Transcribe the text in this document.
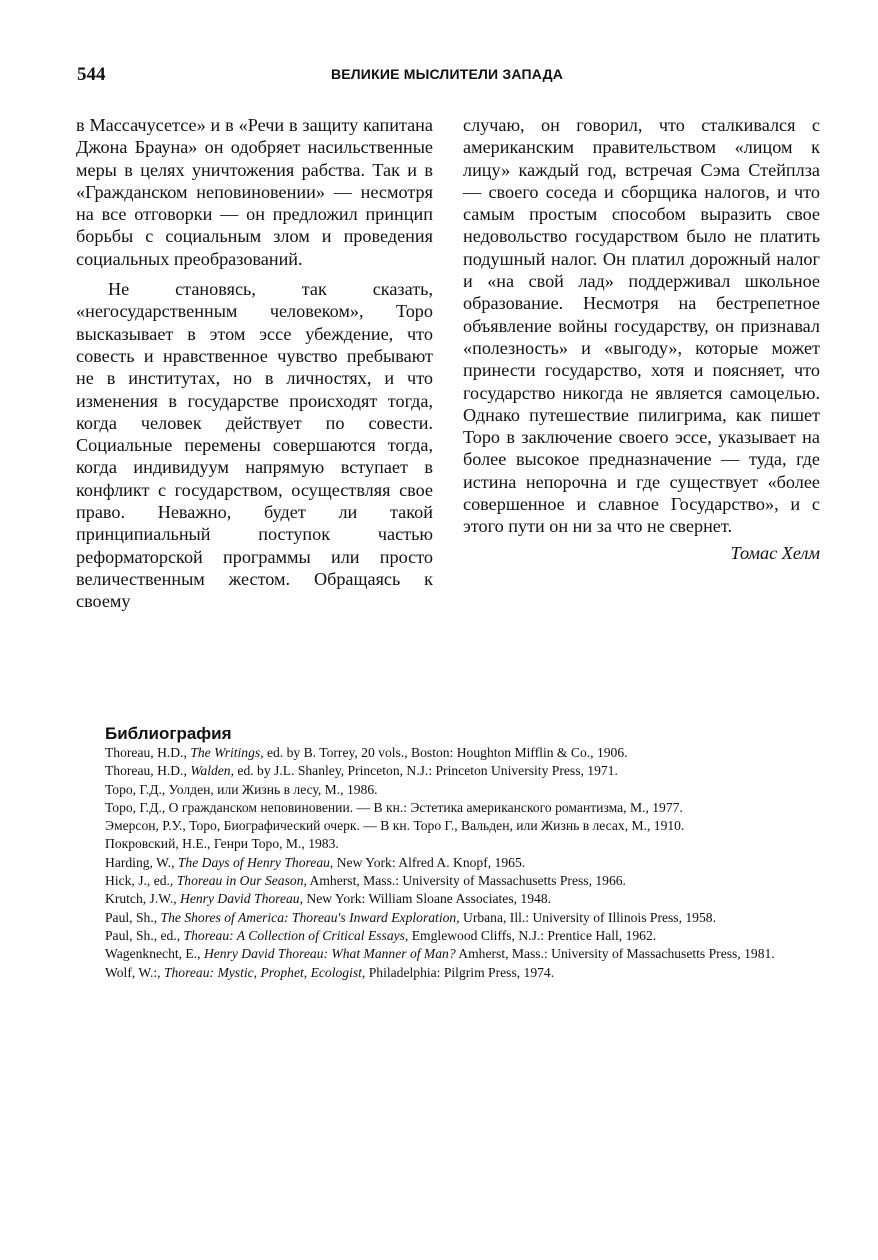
544	ВЕЛИКИЕ МЫСЛИТЕЛИ ЗАПАДА

в Массачусетсе» и в «Речи в защиту капитана Джона Брауна» он одобряет насильственные меры в целях уничтожения рабства. Так и в «Гражданском неповиновении» — несмотря на все отговорки — он предложил принцип борьбы с социальным злом и проведения социальных преобразований.

Не становясь, так сказать, «негосударственным человеком», Торо высказывает в этом эссе убеждение, что совесть и нравственное чувство пребывают не в институтах, но в личностях, и что изменения в государстве происходят тогда, когда человек действует по совести. Социальные перемены совершаются тогда, когда индивидуум напрямую вступает в конфликт с государством, осуществляя свое право. Неважно, будет ли такой принципиальный поступок частью реформаторской программы или просто величественным жестом. Обращаясь к своему

случаю, он говорил, что сталкивался с американским правительством «лицом к лицу» каждый год, встречая Сэма Стейплза — своего соседа и сборщика налогов, и что самым простым способом выразить свое недовольство государством было не платить подушный налог. Он платил дорожный налог и «на свой лад» поддерживал школьное образование. Несмотря на бестрепетное объявление войны государству, он признавал «полезность» и «выгоду», которые может принести государство, хотя и поясняет, что государство никогда не является самоцелью. Однако путешествие пилигрима, как пишет Торо в заключение своего эссе, указывает на более высокое предназначение — туда, где истина непорочна и где существует «более совершенное и славное Государство», и с этого пути он ни за что не свернет.

Томас Хелм

Библиография

Thoreau, H.D., The Writings, ed. by B. Torrey, 20 vols., Boston: Houghton Mifflin & Co., 1906.

Thoreau, H.D., Walden, ed. by J.L. Shanley, Princeton, N.J.: Princeton University Press, 1971.

Торо, Г.Д., Уолден, или Жизнь в лесу, М., 1986.

Торо, Г.Д., О гражданском неповиновении. — В кн.: Эстетика американского романтизма, М., 1977.

Эмерсон, Р.У., Торо, Биографический очерк. — В кн. Торо Г., Вальден, или Жизнь в лесах, М., 1910.

Покровский, Н.Е., Генри Торо, М., 1983.

Harding, W., The Days of Henry Thoreau, New York: Alfred A. Knopf, 1965.

Hick, J., ed., Thoreau in Our Season, Amherst, Mass.: University of Massachusetts Press, 1966.

Krutch, J.W., Henry David Thoreau, New York: William Sloane Associates, 1948.

Paul, Sh., The Shores of America: Thoreau's Inward Exploration, Urbana, Ill.: University of Illinois Press, 1958.

Paul, Sh., ed., Thoreau: A Collection of Critical Essays, Emglewood Cliffs, N.J.: Prentice Hall, 1962.

Wagenknecht, E., Henry David Thoreau: What Manner of Man? Amherst, Mass.: University of Massachusetts Press, 1981.

Wolf, W.:, Thoreau: Mystic, Prophet, Ecologist, Philadelphia: Pilgrim Press, 1974.
